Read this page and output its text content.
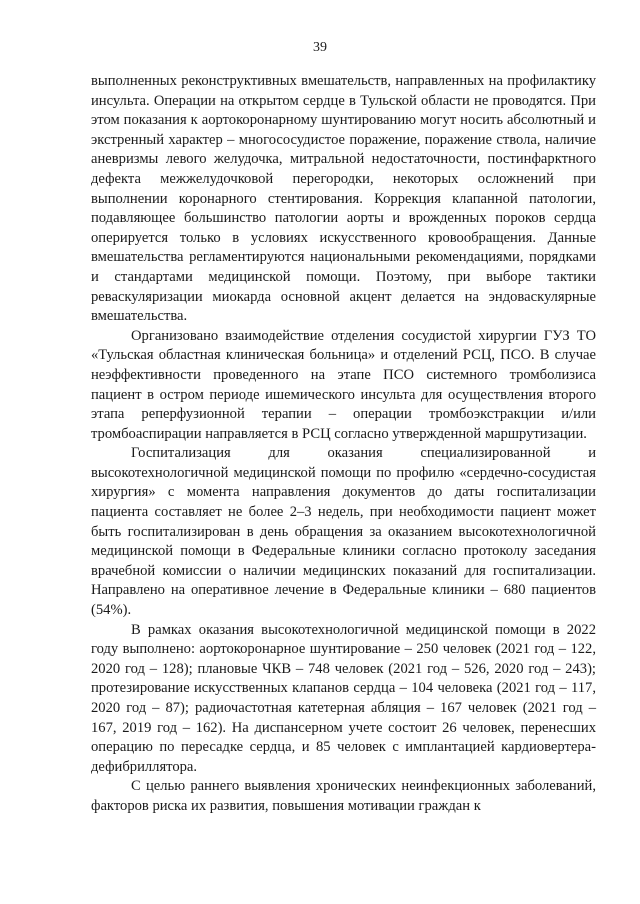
39

выполненных реконструктивных вмешательств, направленных на профилактику инсульта. Операции на открытом сердце в Тульской области не проводятся. При этом показания к аортокоронарному шунтированию могут носить абсолютный и экстренный характер – многососудистое поражение, поражение ствола, наличие аневризмы левого желудочка, митральной недостаточности, постинфарктного дефекта межжелудочковой перегородки, некоторых осложнений при выполнении коронарного стентирования. Коррекция клапанной патологии, подавляющее большинство патологии аорты и врожденных пороков сердца оперируется только в условиях искусственного кровообращения. Данные вмешательства регламентируются национальными рекомендациями, порядками и стандартами медицинской помощи. Поэтому, при выборе тактики реваскуляризации миокарда основной акцент делается на эндоваскулярные вмешательства.

Организовано взаимодействие отделения сосудистой хирургии ГУЗ ТО «Тульская областная клиническая больница» и отделений РСЦ, ПСО. В случае неэффективности проведенного на этапе ПСО системного тромболизиса пациент в остром периоде ишемического инсульта для осуществления второго этапа реперфузионной терапии – операции тромбоэкстракции и/или тромбоаспирации направляется в РСЦ согласно утвержденной маршрутизации.

Госпитализация для оказания специализированной и высокотехнологичной медицинской помощи по профилю «сердечно-сосудистая хирургия» с момента направления документов до даты госпитализации пациента составляет не более 2–3 недель, при необходимости пациент может быть госпитализирован в день обращения за оказанием высокотехнологичной медицинской помощи в Федеральные клиники согласно протоколу заседания врачебной комиссии о наличии медицинских показаний для госпитализации. Направлено на оперативное лечение в Федеральные клиники – 680 пациентов (54%).

В рамках оказания высокотехнологичной медицинской помощи в 2022 году выполнено: аортокоронарное шунтирование – 250 человек (2021 год – 122, 2020 год – 128); плановые ЧКВ – 748 человек (2021 год – 526, 2020 год – 243); протезирование искусственных клапанов сердца – 104 человека (2021 год – 117, 2020 год – 87); радиочастотная катетерная абляция – 167 человек (2021 год – 167, 2019 год – 162). На диспансерном учете состоит 26 человек, перенесших операцию по пересадке сердца, и 85 человек с имплантацией кардиовертера-дефибриллятора.

С целью раннего выявления хронических неинфекционных заболеваний, факторов риска их развития, повышения мотивации граждан к
